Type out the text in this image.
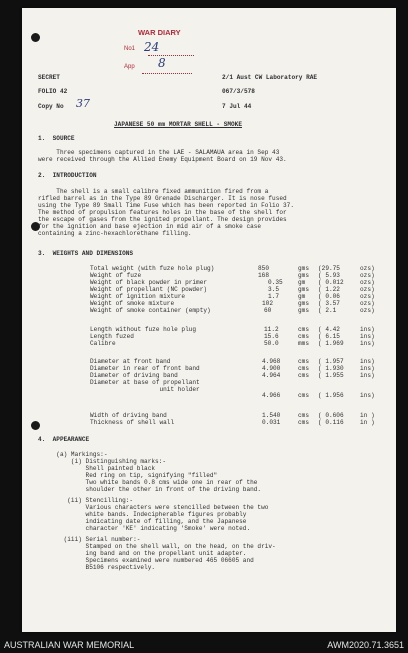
WAR DIARY
No1 24
App 8
SECRET
FOLIO 42
Copy No 37
2/1 Aust CW Laboratory RAE
067/3/578
7 Jul 44
JAPANESE 50 mm MORTAR SHELL - SMOKE
1.  SOURCE
Three specimens captured in the LAE - SALAMAUA area in Sep 43
were received through the Allied Enemy Equipment Board on 19 Nov 43.
2.  INTRODUCTION
The shell is a small calibre fixed ammunition fired from a
rifled barrel as in the Type 89 Grenade Discharger. It is nose fused
using the Type 89 Small Time Fuse which has been reported in Folio 37.
The method of propulsion features holes in the base of the shell for
the escape of gases from the ignited propellant. The design provides
for the ignition and base ejection in mid air of a smoke case
containing a zinc-hexachlorethane filling.
3.  WEIGHTS AND DIMENSIONS
Total weight (with fuze hole plug)
Weight of fuze
Weight of black powder in primer
Weight of propellant (NC powder)
Weight of ignition mixture
Weight of smoke mixture
Weight of smoke container (empty)
850
168
0.35
3.5
1.7
102
60
gms
gms
gm
gms
gm
gms
gms
(29.75
( 5.93
( 0.012
( 1.22
( 0.06
( 3.57
( 2.1
ozs)
ozs)
ozs)
ozs)
ozs)
ozs)
ozs)
Length without fuze hole plug
Length fuzed
Calibre
11.2
15.6
50.0
cms
cms
mms
( 4.42
( 6.15
( 1.969
ins)
ins)
ins)
Diameter at front band
Diameter in rear of front band
Diameter of driving band
Diameter at base of propellant
unit holder
4.968
4.900
4.964
4.966
cms
cms
cms
cms
( 1.957
( 1.930
( 1.955
( 1.956
ins)
ins)
ins)
ins)
Width of driving band
Thickness of shell wall
1.540
0.031
cms
cms
( 0.606
( 0.116
in )
in )
4.  APPEARANCE
(a) Markings:-
(i) Distinguishing marks:-
Shell painted black
Red ring on tip, signifying "filled"
Two white bands 0.8 cms wide one in rear of the
shoulder the other in front of the driving band.
(ii) Stencilling:-
Various characters were stencilled between the two
white bands. Indecipherable figures probably
indicating date of filling, and the Japanese
character 'KE' indicating 'Smoke' were noted.
(iii) Serial number:-
Stamped on the shell wall, on the head, on the driv-
ing band and on the propellant unit adapter.
Specimens examined were numbered 465 06605 and
B5106 respectively.
AUSTRALIAN WAR MEMORIAL	AWM2020.71.3651
